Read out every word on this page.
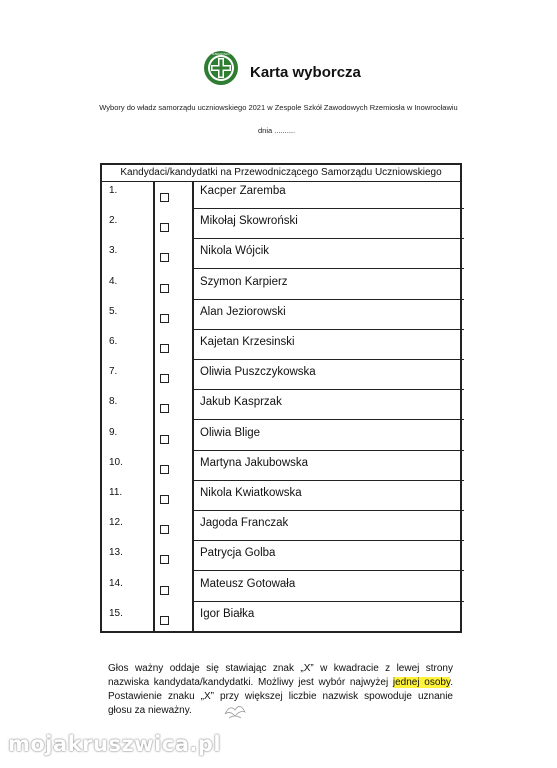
RZEMIOSŁO
Karta wyborcza
Wybory do władz samorządu uczniowskiego 2021 w Zespole Szkół Zawodowych Rzemiosła w Inowrocławiu
dnia ..........
Kandydaci/kandydatki na Przewodniczącego Samorządu Uczniowskiego
1.	Kacper Zaremba
2.	Mikołaj Skowroński
3.	Nikola Wójcik
4.	Szymon Karpierz
5.	Alan Jeziorowski
6.	Kajetan Krzesinski
7.	Oliwia Puszczykowska
8.	Jakub Kasprzak
9.	Oliwia Blige
10.	Martyna Jakubowska
11.	Nikola Kwiatkowska
12.	Jagoda Franczak
13.	Patrycja Golba
14.	Mateusz Gotowała
15.	Igor Białka
Głos ważny oddaje się stawiając znak „X” w kwadracie z lewej strony nazwiska kandydata/kandydatki. Możliwy jest wybór najwyżej jednej osoby. Postawienie znaku „X” przy większej liczbie nazwisk spowoduje uznanie głosu za nieważny.
mojakruszwica.pl
